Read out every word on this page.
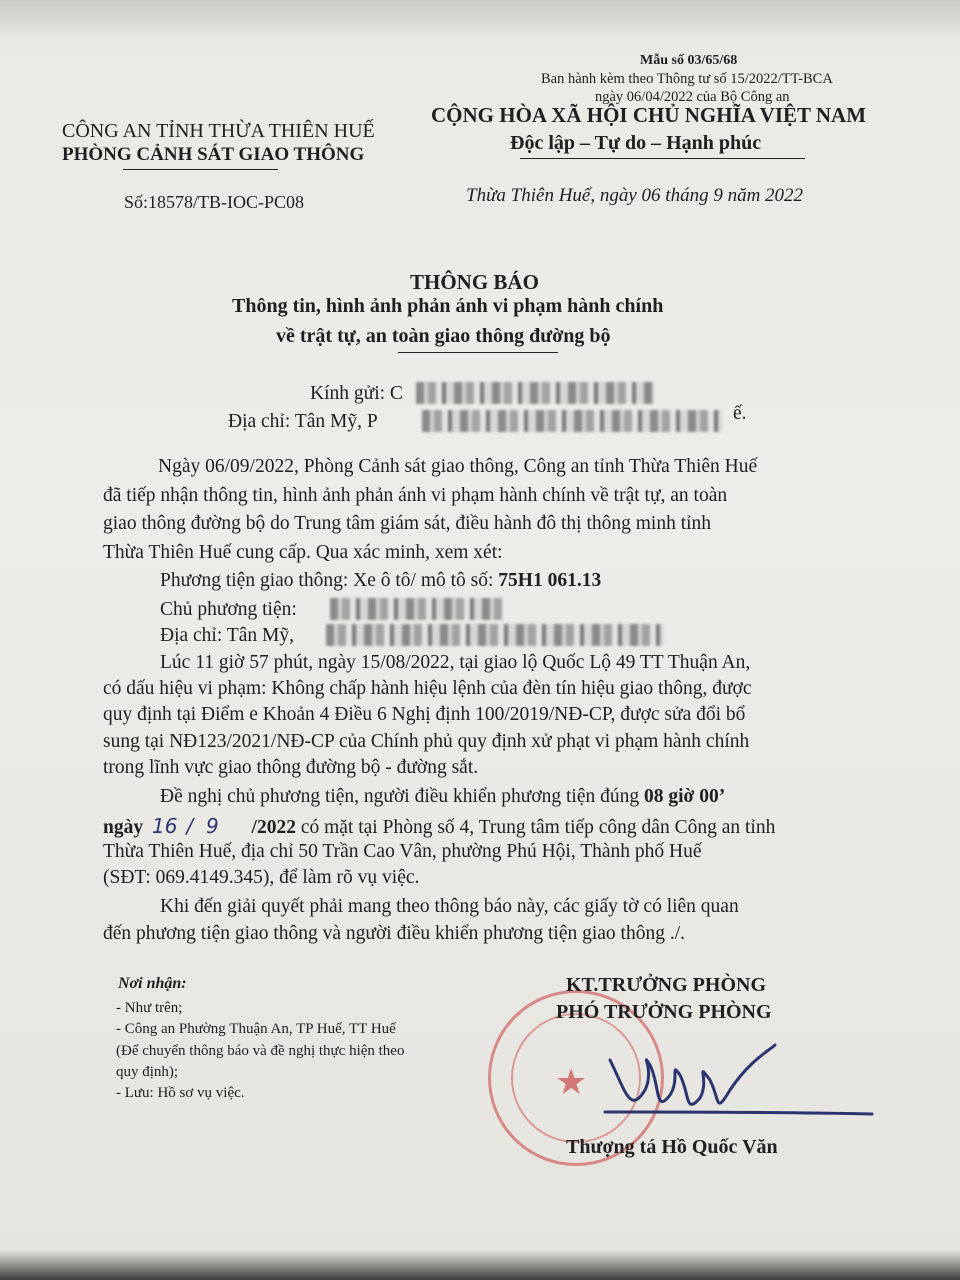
Mẫu số 03/65/68
Ban hành kèm theo Thông tư số 15/2022/TT-BCA
ngày 06/04/2022 của Bộ Công an
CÔNG AN TỈNH THỪA THIÊN HUẾ
PHÒNG CẢNH SÁT GIAO THÔNG
CỘNG HÒA XÃ HỘI CHỦ NGHĨA VIỆT NAM
Độc lập – Tự do – Hạnh phúc
Số:18578/TB-IOC-PC08	Thừa Thiên Huế, ngày 06 tháng 9 năm 2022
THÔNG BÁO
Thông tin, hình ảnh phản ánh vi phạm hành chính
về trật tự, an toàn giao thông đường bộ
Kính gửi: C
Địa chỉ: Tân Mỹ, P	ế.
Ngày 06/09/2022, Phòng Cảnh sát giao thông, Công an tỉnh Thừa Thiên Huế
đã tiếp nhận thông tin, hình ảnh phản ánh vi phạm hành chính về trật tự, an toàn
giao thông đường bộ do Trung tâm giám sát, điều hành đô thị thông minh tỉnh
Thừa Thiên Huế cung cấp. Qua xác minh, xem xét:
Phương tiện giao thông: Xe ô tô/ mô tô số: 75H1 061.13
Chủ phương tiện:
Địa chỉ: Tân Mỹ,
Lúc 11 giờ 57 phút, ngày 15/08/2022, tại giao lộ Quốc Lộ 49 TT Thuận An,
có dấu hiệu vi phạm: Không chấp hành hiệu lệnh của đèn tín hiệu giao thông, được
quy định tại Điểm e Khoản 4 Điều 6 Nghị định 100/2019/NĐ-CP, được sửa đổi bổ
sung tại NĐ123/2021/NĐ-CP của Chính phủ quy định xử phạt vi phạm hành chính
trong lĩnh vực giao thông đường bộ - đường sắt.
Đề nghị chủ phương tiện, người điều khiển phương tiện đúng 08 giờ 00’
ngày 16 / 9 /2022 có mặt tại Phòng số 4, Trung tâm tiếp công dân Công an tỉnh
Thừa Thiên Huế, địa chỉ 50 Trần Cao Vân, phường Phú Hội, Thành phố Huế
(SĐT: 069.4149.345), để làm rõ vụ việc.
Khi đến giải quyết phải mang theo thông báo này, các giấy tờ có liên quan
đến phương tiện giao thông và người điều khiển phương tiện giao thông ./.
Nơi nhận:
- Như trên;
- Công an Phường Thuận An, TP Huế, TT Huế
(Để chuyển thông báo và đề nghị thực hiện theo
quy định);
- Lưu: Hồ sơ vụ việc.	★
KT.TRƯỞNG PHÒNG
PHÓ TRƯỞNG PHÒNG
Thượng tá Hồ Quốc Văn
